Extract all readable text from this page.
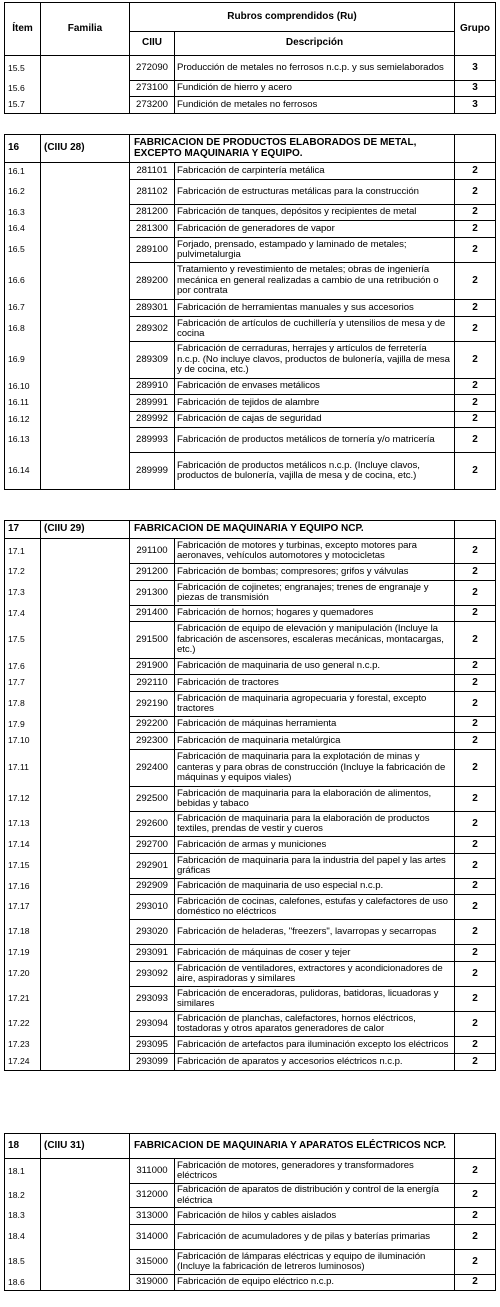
Ítem	Familia	Rubros comprendidos (Ru)		Grupo
		CIIU	Descripción	
15.5		272090	Producción de metales no ferrosos n.c.p. y sus semielaborados	3
15.6		273100	Fundición de hierro y acero	3
15.7		273200	Fundición de metales no ferrosos	3
16	(CIIU 28)	FABRICACION DE PRODUCTOS ELABORADOS DE METAL, EXCEPTO MAQUINARIA Y EQUIPO.		
16.1		281101	Fabricación de carpintería metálica	2
16.2		281102	Fabricación de estructuras metálicas para la construcción	2
16.3		281200	Fabricación de tanques, depósitos y recipientes de metal	2
16.4		281300	Fabricación de generadores de vapor	2
16.5		289100	Forjado, prensado, estampado y laminado de metales; pulvimetalurgia	2
16.6		289200	Tratamiento y revestimiento de metales; obras de ingeniería mecánica en general realizadas a cambio de una retribución o por contrata	2
16.7		289301	Fabricación de herramientas manuales y sus accesorios	2
16.8		289302	Fabricación de artículos de cuchillería y utensilios de mesa y de cocina	2
16.9		289309	Fabricación de cerraduras, herrajes y artículos de ferretería n.c.p. (No incluye clavos, productos de bulonería, vajilla de mesa y de cocina, etc.)	2
16.10		289910	Fabricación de envases metálicos	2
16.11		289991	Fabricación de tejidos de alambre	2
16.12		289992	Fabricación de cajas de seguridad	2
16.13		289993	Fabricación de productos metálicos de tornería y/o matricería	2
16.14		289999	Fabricación de productos metálicos n.c.p. (Incluye clavos, productos de bulonería, vajilla de mesa y de cocina, etc.)	2
17	(CIIU 29)	FABRICACION DE MAQUINARIA Y EQUIPO NCP.		
17.1		291100	Fabricación de motores y turbinas, excepto motores para aeronaves, vehículos automotores y motocicletas	2
17.2		291200	Fabricación de bombas; compresores; grifos y válvulas	2
17.3		291300	Fabricación de cojinetes; engranajes; trenes de engranaje y piezas de transmisión	2
17.4		291400	Fabricación de hornos; hogares y quemadores	2
17.5		291500	Fabricación de equipo de elevación y manipulación (Incluye la fabricación de ascensores, escaleras mecánicas, montacargas, etc.)	2
17.6		291900	Fabricación de maquinaria de uso general n.c.p.	2
17.7		292110	Fabricación de tractores	2
17.8		292190	Fabricación de maquinaria agropecuaria y forestal, excepto tractores	2
17.9		292200	Fabricación de máquinas herramienta	2
17.10		292300	Fabricación de maquinaria metalúrgica	2
17.11		292400	Fabricación de maquinaria para la explotación de minas y canteras y para obras de construcción (Incluye la fabricación de máquinas y equipos viales)	2
17.12		292500	Fabricación de maquinaria para la elaboración de alimentos, bebidas y tabaco	2
17.13		292600	Fabricación de maquinaria para la elaboración de productos textiles, prendas de vestir y cueros	2
17.14		292700	Fabricación de armas y municiones	2
17.15		292901	Fabricación de maquinaria para la industria del papel y las artes gráficas	2
17.16		292909	Fabricación de maquinaria de uso especial n.c.p.	2
17.17		293010	Fabricación de cocinas, calefones, estufas y calefactores de uso doméstico no eléctricos	2
17.18		293020	Fabricación de heladeras, "freezers", lavarropas y secarropas	2
17.19		293091	Fabricación de máquinas de coser y tejer	2
17.20		293092	Fabricación de ventiladores, extractores y acondicionadores de aire, aspiradoras y similares	2
17.21		293093	Fabricación de enceradoras, pulidoras, batidoras, licuadoras y similares	2
17.22		293094	Fabricación de planchas, calefactores, hornos eléctricos, tostadoras y otros aparatos generadores de calor	2
17.23		293095	Fabricación de artefactos para iluminación excepto los eléctricos	2
17.24		293099	Fabricación de aparatos y accesorios eléctricos n.c.p.	2
18	(CIIU 31)	FABRICACION DE MAQUINARIA Y APARATOS ELÉCTRICOS NCP.		
18.1		311000	Fabricación de motores, generadores y transformadores eléctricos	2
18.2		312000	Fabricación de aparatos de distribución y control de la energía eléctrica	2
18.3		313000	Fabricación de hilos y cables aislados	2
18.4		314000	Fabricación de acumuladores y de pilas y baterías primarias	2
18.5		315000	Fabricación de lámparas eléctricas y equipo de iluminación (Incluye la fabricación de letreros luminosos)	2
18.6		319000	Fabricación de equipo eléctrico n.c.p.	2
